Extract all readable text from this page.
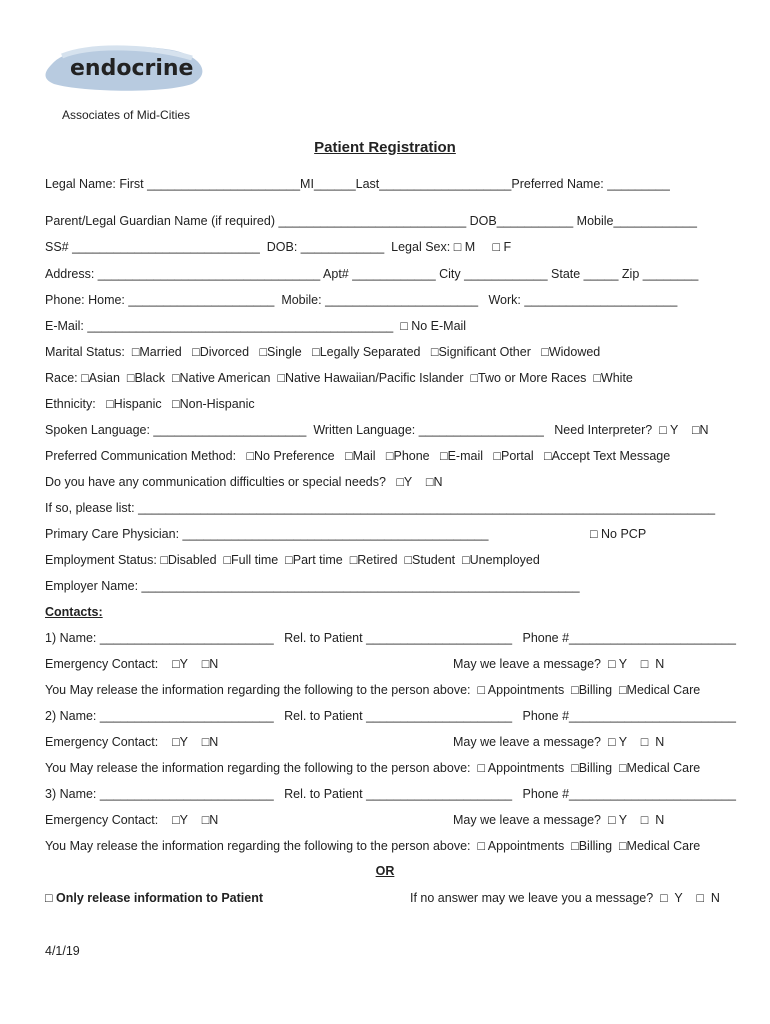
endocrine
Associates of Mid-Cities
Patient Registration
Legal Name: First ______________________MI______Last___________________Preferred Name: _________
Parent/Legal Guardian Name (if required) ___________________________ DOB___________ Mobile____________
SS# ___________________________  DOB: ____________  Legal Sex: □ M     □ F
Address: ________________________________ Apt# ____________ City ____________ State _____ Zip ________
Phone: Home: _____________________  Mobile: ______________________   Work: ______________________
E-Mail: ____________________________________________  □ No E-Mail
Marital Status:  □Married   □Divorced   □Single   □Legally Separated   □Significant Other   □Widowed
Race: □Asian  □Black  □Native American  □Native Hawaiian/Pacific Islander  □Two or More Races  □White
Ethnicity:   □Hispanic   □Non-Hispanic
Spoken Language: ______________________  Written Language: __________________   Need Interpreter?  □ Y    □N
Preferred Communication Method:   □No Preference   □Mail   □Phone   □E-mail   □Portal   □Accept Text Message
Do you have any communication difficulties or special needs?   □Y    □N
If so, please list: ___________________________________________________________________________________
Primary Care Physician: ____________________________________________	□ No PCP
Employment Status: □Disabled  □Full time  □Part time  □Retired  □Student  □Unemployed
Employer Name: _______________________________________________________________
Contacts:
1) Name: _________________________   Rel. to Patient _____________________   Phone #________________________
Emergency Contact:    □Y    □N	May we leave a message?  □ Y    □  N
You May release the information regarding the following to the person above:  □ Appointments  □Billing  □Medical Care
2) Name: _________________________   Rel. to Patient _____________________   Phone #________________________
Emergency Contact:    □Y    □N	May we leave a message?  □ Y    □  N
You May release the information regarding the following to the person above:  □ Appointments  □Billing  □Medical Care
3) Name: _________________________   Rel. to Patient _____________________   Phone #________________________
Emergency Contact:    □Y    □N	May we leave a message?  □ Y    □  N
You May release the information regarding the following to the person above:  □ Appointments  □Billing  □Medical Care
OR
□ Only release information to Patient	If no answer may we leave you a message?  □  Y    □  N
4/1/19
